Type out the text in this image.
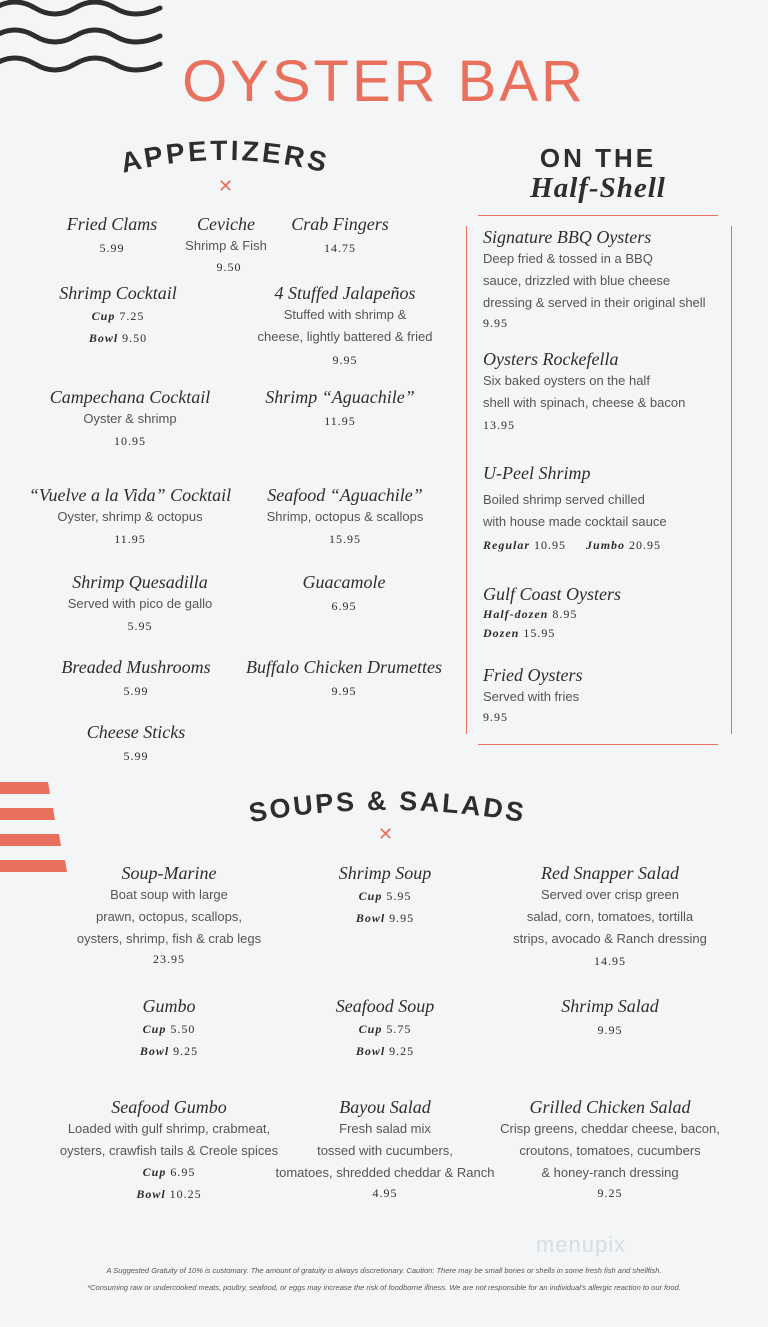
OYSTER BAR
APPETIZERS
✕
Fried Clams
5.99
Ceviche
Shrimp & Fish
9.50
Crab Fingers
14.75
Shrimp Cocktail
Cup 7.25
Bowl 9.50
4 Stuffed Jalapeños
Stuffed with shrimp &
cheese, lightly battered & fried
9.95
Campechana Cocktail
Oyster & shrimp
10.95
Shrimp “Aguachile”
11.95
“Vuelve a la Vida” Cocktail
Oyster, shrimp & octopus
11.95
Seafood “Aguachile”
Shrimp, octopus & scallops
15.95
Shrimp Quesadilla
Served with pico de gallo
5.95
Guacamole
6.95
Breaded Mushrooms
5.99
Buffalo Chicken Drumettes
9.95
Cheese Sticks
5.99
ON THE
Half-Shell
Signature BBQ Oysters
Deep fried & tossed in a BBQ
sauce, drizzled with blue cheese
dressing & served in their original shell
9.95
Oysters Rockefella
Six baked oysters on the half
shell with spinach, cheese & bacon
13.95
U-Peel Shrimp
Boiled shrimp served chilled
with house made cocktail sauce
Regular 10.95 Jumbo 20.95
Gulf Coast Oysters
Half-dozen 8.95
Dozen 15.95
Fried Oysters
Served with fries
9.95
SOUPS & SALADS
✕
Soup-Marine
Boat soup with large
prawn, octopus, scallops,
oysters, shrimp, fish & crab legs
23.95
Shrimp Soup
Cup 5.95
Bowl 9.95
Red Snapper Salad
Served over crisp green
salad, corn, tomatoes, tortilla
strips, avocado & Ranch dressing
14.95
Gumbo
Cup 5.50
Bowl 9.25
Seafood Soup
Cup 5.75
Bowl 9.25
Shrimp Salad
9.95
Seafood Gumbo
Loaded with gulf shrimp, crabmeat,
oysters, crawfish tails & Creole spices
Cup 6.95
Bowl 10.25
Bayou Salad
Fresh salad mix
tossed with cucumbers,
tomatoes, shredded cheddar & Ranch
4.95
Grilled Chicken Salad
Crisp greens, cheddar cheese, bacon,
croutons, tomatoes, cucumbers
& honey-ranch dressing
9.25
menupix
A Suggested Gratuity of 10% is customary. The amount of gratuity is always discretionary. Caution: There may be small bones or shells in some fresh fish and shellfish.
*Consuming raw or undercooked meats, poultry, seafood, or eggs may increase the risk of foodborne illness. We are not responsible for an individual's allergic reaction to our food.
